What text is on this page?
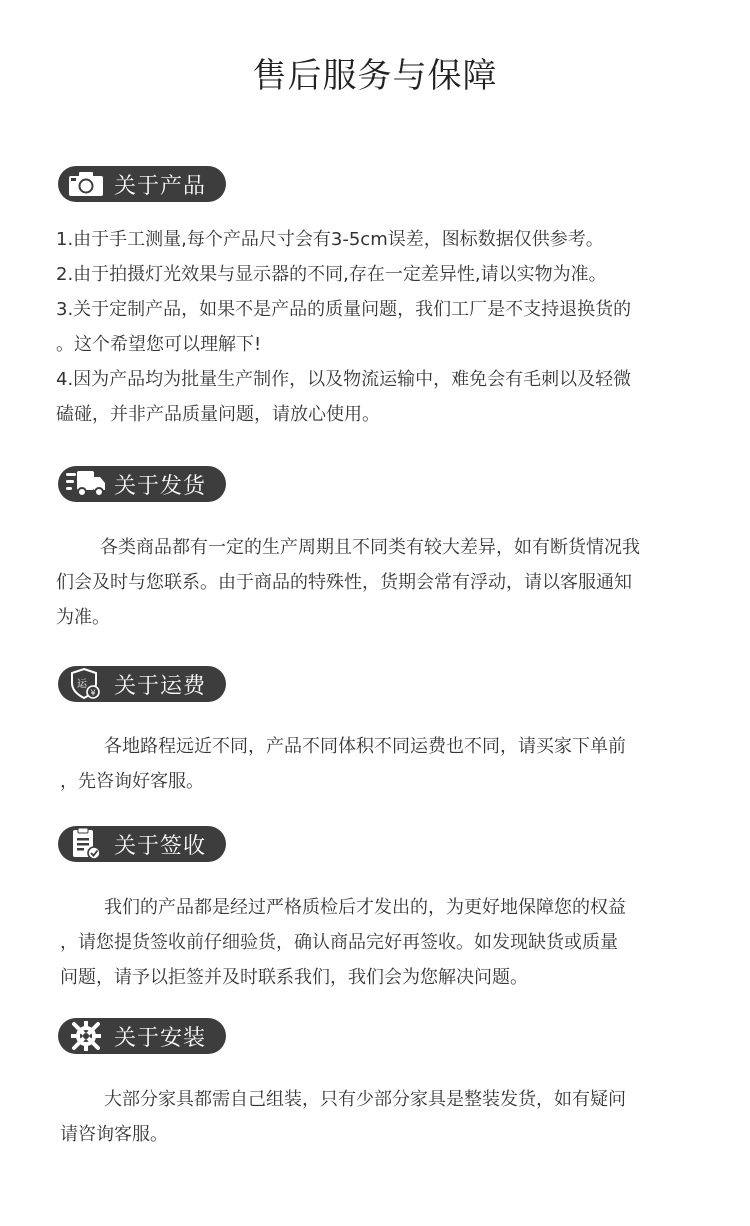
售后服务与保障
关于产品
1.由于手工测量,每个产品尺寸会有3-5cm误差，图标数据仅供参考。
2.由于拍摄灯光效果与显示器的不同,存在一定差异性,请以实物为准。
3.关于定制产品，如果不是产品的质量问题，我们工厂是不支持退换货的
。这个希望您可以理解下!
4.因为产品均为批量生产制作，以及物流运输中，难免会有毛刺以及轻微
磕碰，并非产品质量问题，请放心使用。
关于发货
各类商品都有一定的生产周期且不同类有较大差异，如有断货情况我
们会及时与您联系。由于商品的特殊性，货期会常有浮动，请以客服通知
为准。
¥
运 关于运费
各地路程远近不同，产品不同体积不同运费也不同，请买家下单前
，先咨询好客服。
关于签收
我们的产品都是经过严格质检后才发出的，为更好地保障您的权益
，请您提货签收前仔细验货，确认商品完好再签收。如发现缺货或质量
问题，请予以拒签并及时联系我们，我们会为您解决问题。
关于安装
大部分家具都需自己组装，只有少部分家具是整装发货，如有疑问
请咨询客服。
